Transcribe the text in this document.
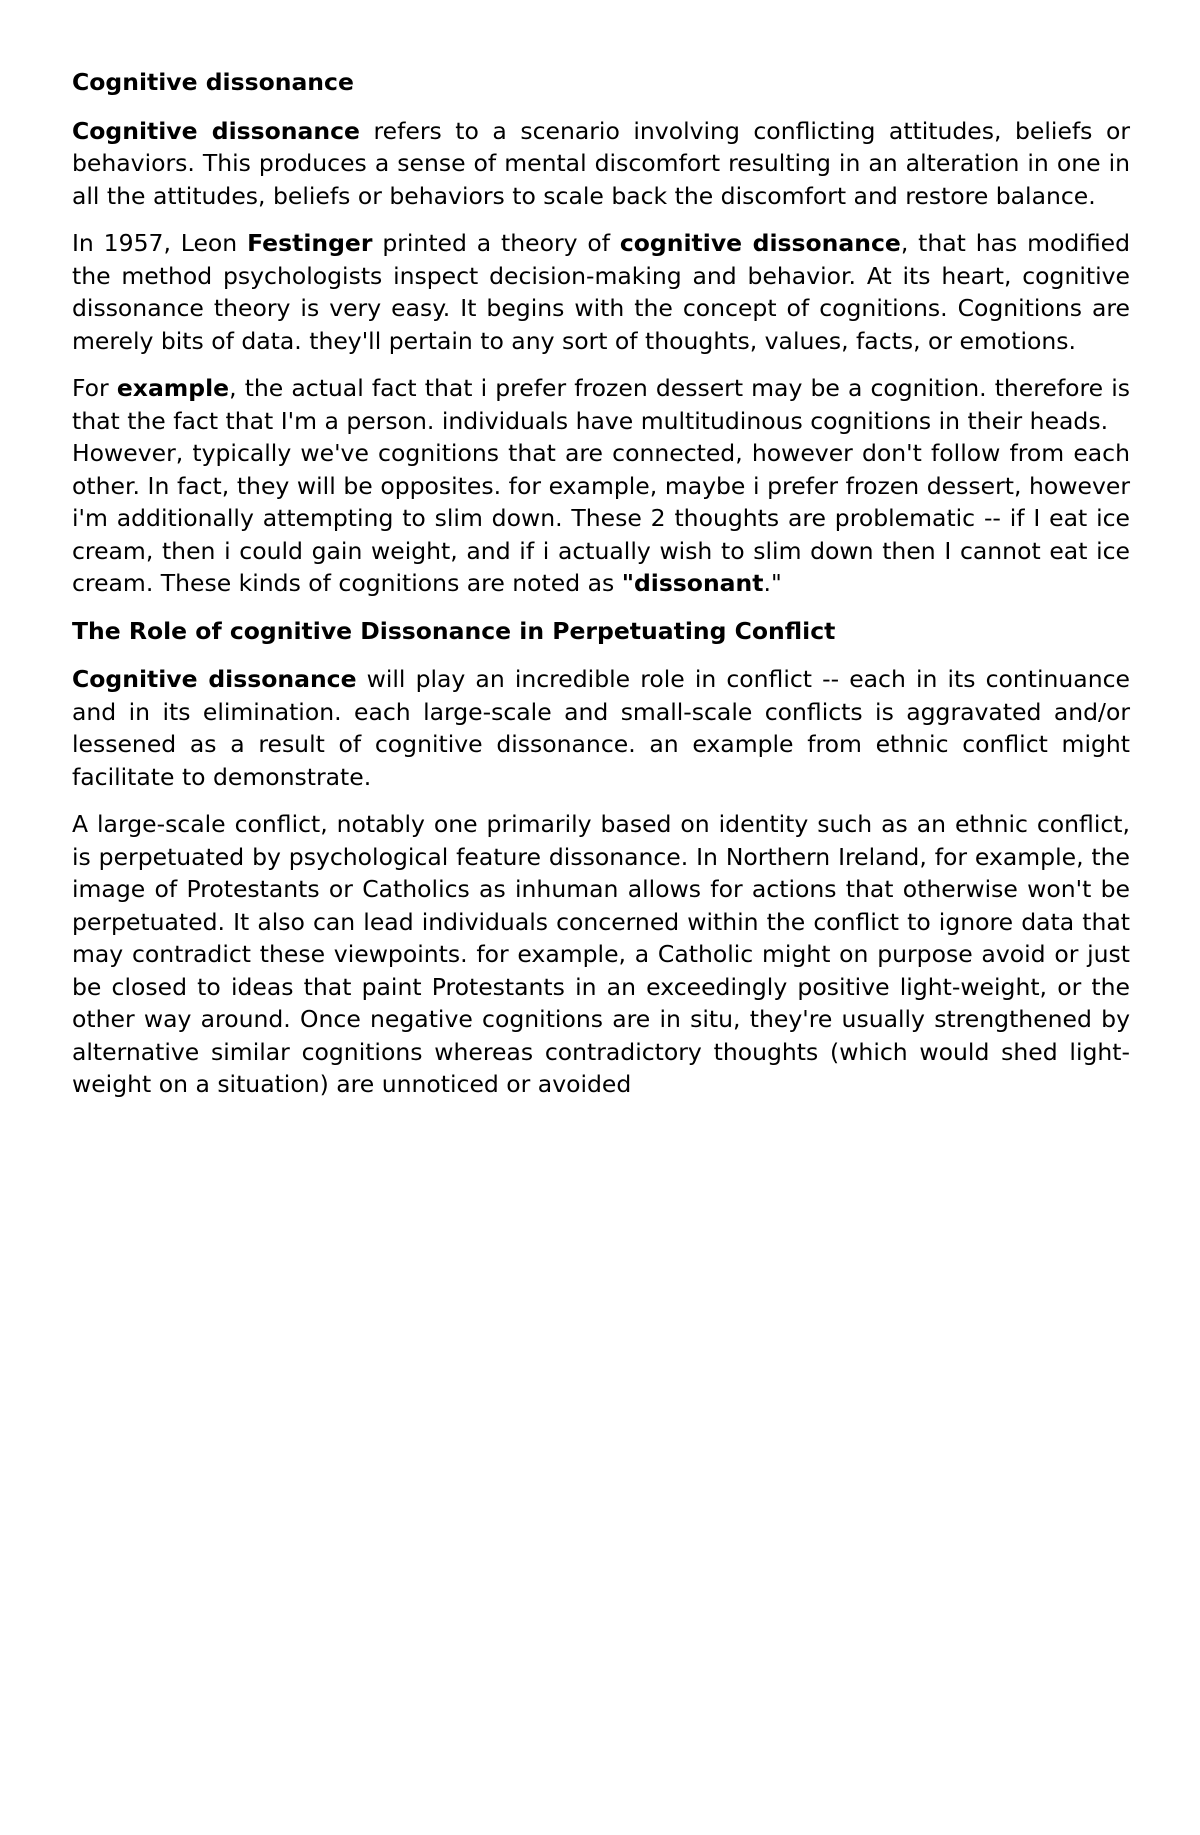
Cognitive dissonance

Cognitive dissonance refers to a scenario involving conflicting attitudes, beliefs or behaviors. This produces a sense of mental discomfort resulting in an alteration in one in all the attitudes, beliefs or behaviors to scale back the discomfort and restore balance.

In 1957, Leon Festinger printed a theory of cognitive dissonance, that has modified the method psychologists inspect decision-making and behavior. At its heart, cognitive dissonance theory is very easy. It begins with the concept of cognitions. Cognitions are merely bits of data. they'll pertain to any sort of thoughts, values, facts, or emotions.

For example, the actual fact that i prefer frozen dessert may be a cognition. therefore is that the fact that I'm a person. individuals have multitudinous cognitions in their heads.
However, typically we've cognitions that are connected, however don't follow from each other. In fact, they will be opposites. for example, maybe i prefer frozen dessert, however i'm additionally attempting to slim down. These 2 thoughts are problematic -- if I eat ice cream, then i could gain weight, and if i actually wish to slim down then I cannot eat ice cream. These kinds of cognitions are noted as "dissonant."

The Role of cognitive Dissonance in Perpetuating Conflict

Cognitive dissonance will play an incredible role in conflict -- each in its continuance and in its elimination. each large-scale and small-scale conflicts is aggravated and/or lessened as a result of cognitive dissonance. an example from ethnic conflict might facilitate to demonstrate.

A large-scale conflict, notably one primarily based on identity such as an ethnic conflict, is perpetuated by psychological feature dissonance. In Northern Ireland, for example, the image of Protestants or Catholics as inhuman allows for actions that otherwise won't be perpetuated. It also can lead individuals concerned within the conflict to ignore data that may contradict these viewpoints. for example, a Catholic might on purpose avoid or just be closed to ideas that paint Protestants in an exceedingly positive light-weight, or the other way around. Once negative cognitions are in situ, they're usually strengthened by alternative similar cognitions whereas contradictory thoughts (which would shed light-weight on a situation) are unnoticed or avoided
